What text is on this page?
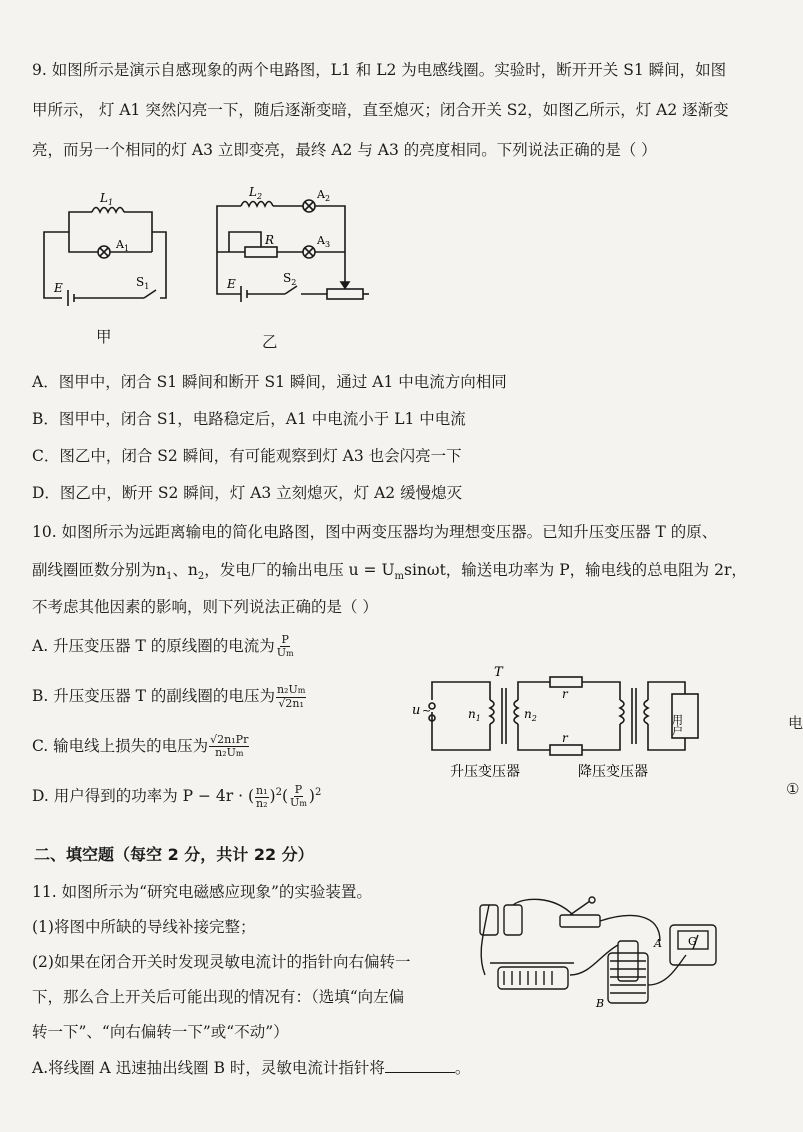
9. 如图所示是演示自感现象的两个电路图，L1 和 L2 为电感线圈。实验时，断开开关 S1 瞬间，如图
甲所示， 灯 A1 突然闪亮一下，随后逐渐变暗，直至熄灭；闭合开关 S2，如图乙所示，灯 A2 逐渐变
亮，而另一个相同的灯 A3 立即变亮，最终 A2 与 A3 的亮度相同。下列说法正确的是（ ）
$L_1$
$A_1$
E	$S_1$
甲
$L_2$	$A_2$
$A_3$
R
E	$S_2$
乙
A．图甲中，闭合 S1 瞬间和断开 S1 瞬间，通过 A1 中电流方向相同
B．图甲中，闭合 S1，电路稳定后，A1 中电流小于 L1 中电流
C．图乙中，闭合 S2 瞬间，有可能观察到灯 A3 也会闪亮一下
D．图乙中，断开 S2 瞬间，灯 A3 立刻熄灭，灯 A2 缓慢熄灭
10. 如图所示为远距离输电的简化电路图，图中两变压器均为理想变压器。已知升压变压器 T 的原、
副线圈匝数分别为$n_1$、$n_2$，发电厂的输出电压 $u = U_m\sin\omega t$，输送电功率为 P，输电线的总电阻为 2r，
不考虑其他因素的影响，则下列说法正确的是（ ）
A. 升压变压器 T 的原线圈的电流为 $\frac{P}{Um}$
B. 升压变压器 T 的副线圈的电压为 $\frac{\text{n₂Um}}{\text{√2n₁}}$
C. 输电线上损失的电压为 $\frac{\text{√2n₁Pr}}{\text{n₂Um}}$
D. 用户得到的功率为 P − 4r · ( $\frac{\text{n₁}}{\text{n₂}} )^2( \frac{P}{Um} )^2$
u ~
T
$n_1$	$n_2$
r
r
用户
升压变压器	降压变压器
二、填空题（每空 2 分，共计 22 分）
11. 如图所示为“研究电磁感应现象”的实验装置。
(1)将图中所缺的导线补接完整；
(2)如果在闭合开关时发现灵敏电流计的指针向右偏转一
下，那么合上开关后可能出现的情况有：（选填“向左偏
转一下”、“向右偏转一下”或“不动”）
A.将线圈 A 迅速抽出线圈 B 时，灵敏电流计指针将	。
A
B
G
电
①
